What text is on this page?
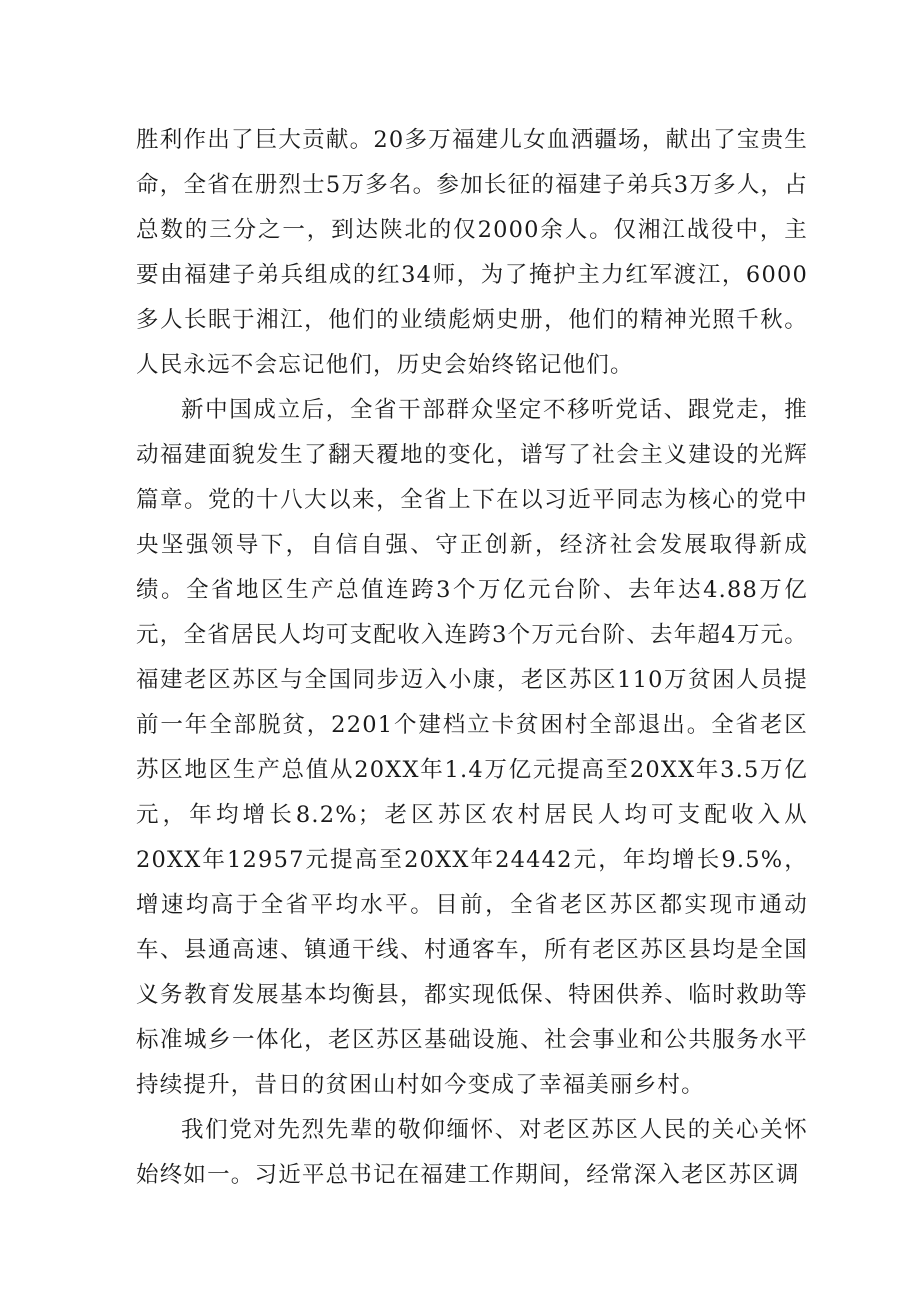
胜利作出了巨大贡献。20多万福建儿女血洒疆场，献出了宝贵生命，全省在册烈士5万多名。参加长征的福建子弟兵3万多人，占总数的三分之一，到达陕北的仅2000余人。仅湘江战役中，主要由福建子弟兵组成的红34师，为了掩护主力红军渡江，6000多人长眠于湘江，他们的业绩彪炳史册，他们的精神光照千秋。人民永远不会忘记他们，历史会始终铭记他们。

新中国成立后，全省干部群众坚定不移听党话、跟党走，推动福建面貌发生了翻天覆地的变化，谱写了社会主义建设的光辉篇章。党的十八大以来，全省上下在以习近平同志为核心的党中央坚强领导下，自信自强、守正创新，经济社会发展取得新成绩。全省地区生产总值连跨3个万亿元台阶、去年达4.88万亿元，全省居民人均可支配收入连跨3个万元台阶、去年超4万元。福建老区苏区与全国同步迈入小康，老区苏区110万贫困人员提前一年全部脱贫，2201个建档立卡贫困村全部退出。全省老区苏区地区生产总值从20XX年1.4万亿元提高至20XX年3.5万亿元，年均增长8.2%；老区苏区农村居民人均可支配收入从20XX年12957元提高至20XX年24442元，年均增长9.5%，增速均高于全省平均水平。目前，全省老区苏区都实现市通动车、县通高速、镇通干线、村通客车，所有老区苏区县均是全国义务教育发展基本均衡县，都实现低保、特困供养、临时救助等标准城乡一体化，老区苏区基础设施、社会事业和公共服务水平持续提升，昔日的贫困山村如今变成了幸福美丽乡村。

我们党对先烈先辈的敬仰缅怀、对老区苏区人民的关心关怀始终如一。习近平总书记在福建工作期间，经常深入老区苏区调
